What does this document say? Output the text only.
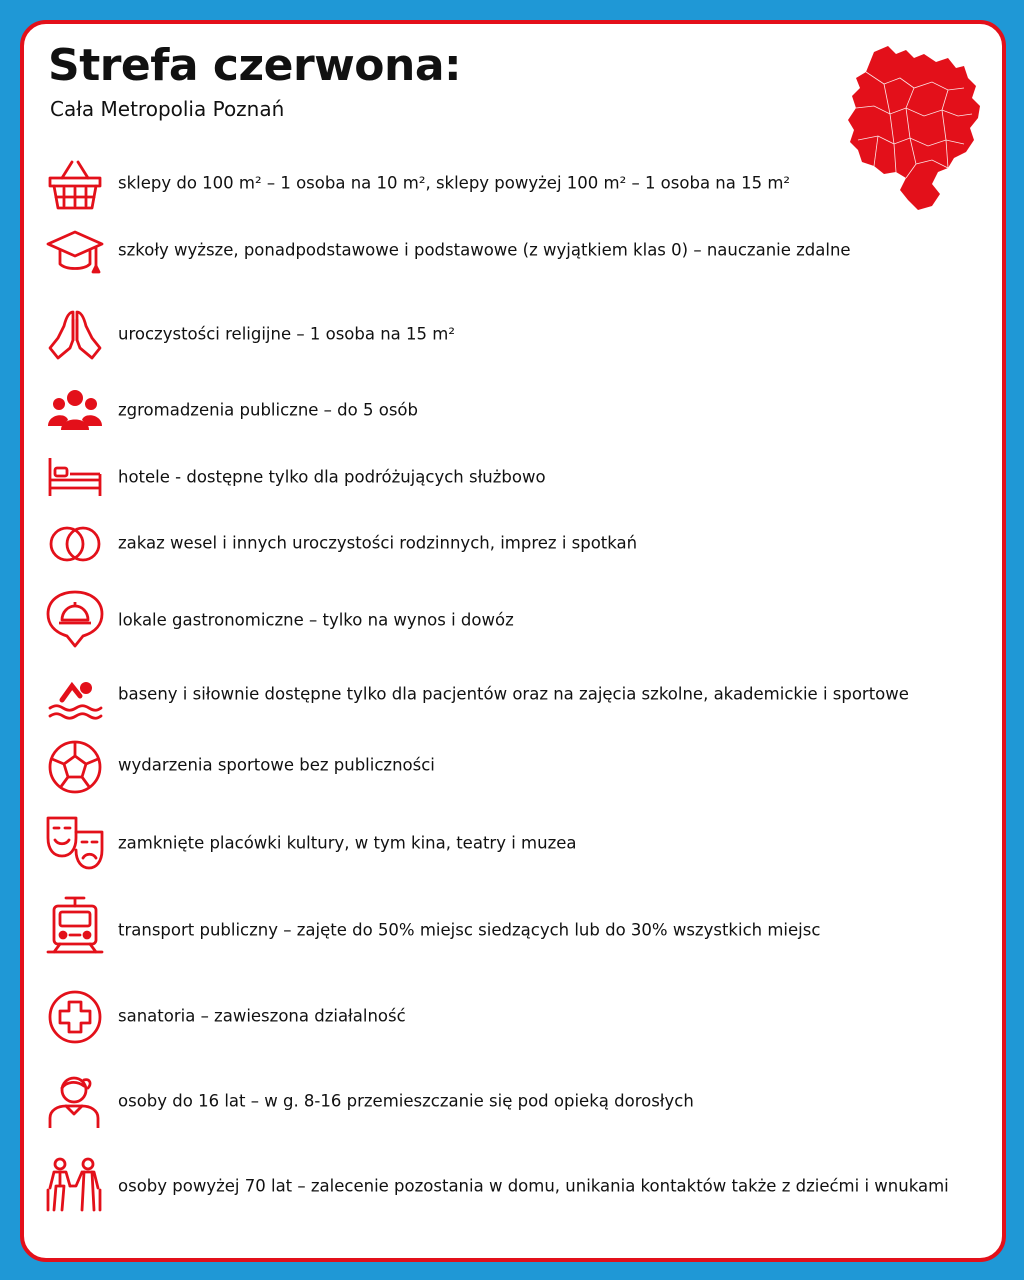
Strefa czerwona:
Cała Metropolia Poznań
sklepy do 100 m² – 1 osoba na 10 m², sklepy powyżej 100 m² – 1 osoba na 15 m²
szkoły wyższe, ponadpodstawowe i podstawowe (z wyjątkiem klas 0) – nauczanie zdalne
uroczystości religijne – 1 osoba na 15 m²
zgromadzenia publiczne – do 5 osób
hotele - dostępne tylko dla podróżujących służbowo
zakaz wesel i innych uroczystości rodzinnych, imprez i spotkań
lokale gastronomiczne – tylko na wynos i dowóz
baseny i siłownie dostępne tylko dla pacjentów oraz na zajęcia szkolne, akademickie i sportowe
wydarzenia sportowe bez publiczności
zamknięte placówki kultury, w tym kina, teatry i muzea
transport publiczny – zajęte do 50% miejsc siedzących lub do 30% wszystkich miejsc
sanatoria – zawieszona działalność
osoby do 16 lat – w g. 8-16 przemieszczanie się pod opieką dorosłych
osoby powyżej 70 lat – zalecenie pozostania w domu, unikania kontaktów także z dziećmi i wnukami
